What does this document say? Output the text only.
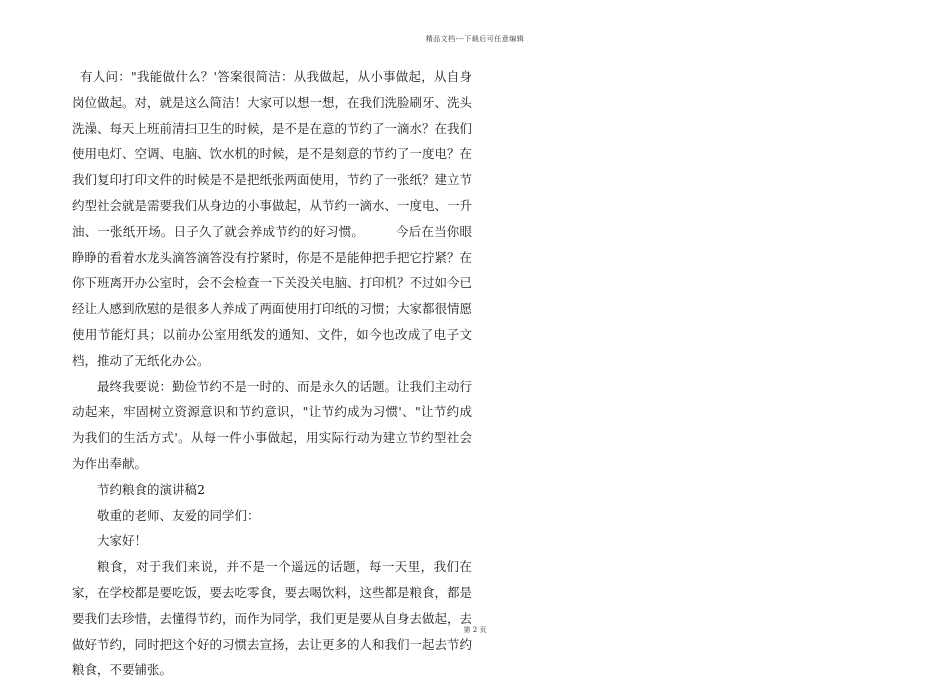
精品文档---下载后可任意编辑

有人问："我能做什么？'答案很简洁：从我做起，从小事做起，从自身岗位做起。对，就是这么简洁！大家可以想一想，在我们洗脸刷牙、洗头洗澡、每天上班前清扫卫生的时候，是不是在意的节约了一滴水？在我们使用电灯、空调、电脑、饮水机的时候，是不是刻意的节约了一度电？在我们复印打印文件的时候是不是把纸张两面使用，节约了一张纸？建立节约型社会就是需要我们从身边的小事做起，从节约一滴水、一度电、一升油、一张纸开场。日子久了就会养成节约的好习惯。　　　今后在当你眼睁睁的看着水龙头滴答滴答没有拧紧时，你是不是能伸把手把它拧紧？在你下班离开办公室时，会不会检查一下关没关电脑、打印机？不过如今已经让人感到欣慰的是很多人养成了两面使用打印纸的习惯；大家都很情愿使用节能灯具；以前办公室用纸发的通知、文件，如今也改成了电子文档，推动了无纸化办公。

最终我要说：勤俭节约不是一时的、而是永久的话题。让我们主动行动起来，牢固树立资源意识和节约意识，"让节约成为习惯'、"让节约成为我们的生活方式'。从每一件小事做起，用实际行动为建立节约型社会为作出奉献。

节约粮食的演讲稿2

敬重的老师、友爱的同学们：

大家好！

粮食，对于我们来说，并不是一个遥远的话题，每一天里，我们在家，在学校都是要吃饭，要去吃零食，要去喝饮料，这些都是粮食，都是要我们去珍惜，去懂得节约，而作为同学，我们更是要从自身去做起，去做好节约，同时把这个好的习惯去宣扬，去让更多的人和我们一起去节约粮食，不要铺张。

第 2 页
